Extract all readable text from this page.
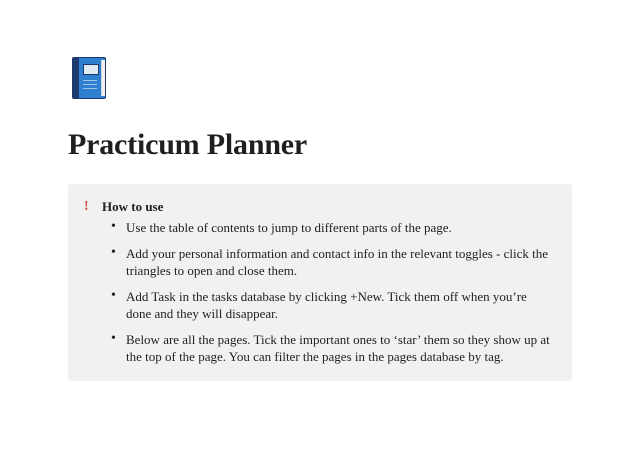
Practicum Planner
!	How to use
• Use the table of contents to jump to different parts of the page.
• Add your personal information and contact info in the relevant toggles - click the triangles to open and close them.
• Add Task in the tasks database by clicking +New. Tick them off when you’re done and they will disappear.
• Below are all the pages. Tick the important ones to ‘star’ them so they show up at the top of the page. You can filter the pages in the pages database by tag.
